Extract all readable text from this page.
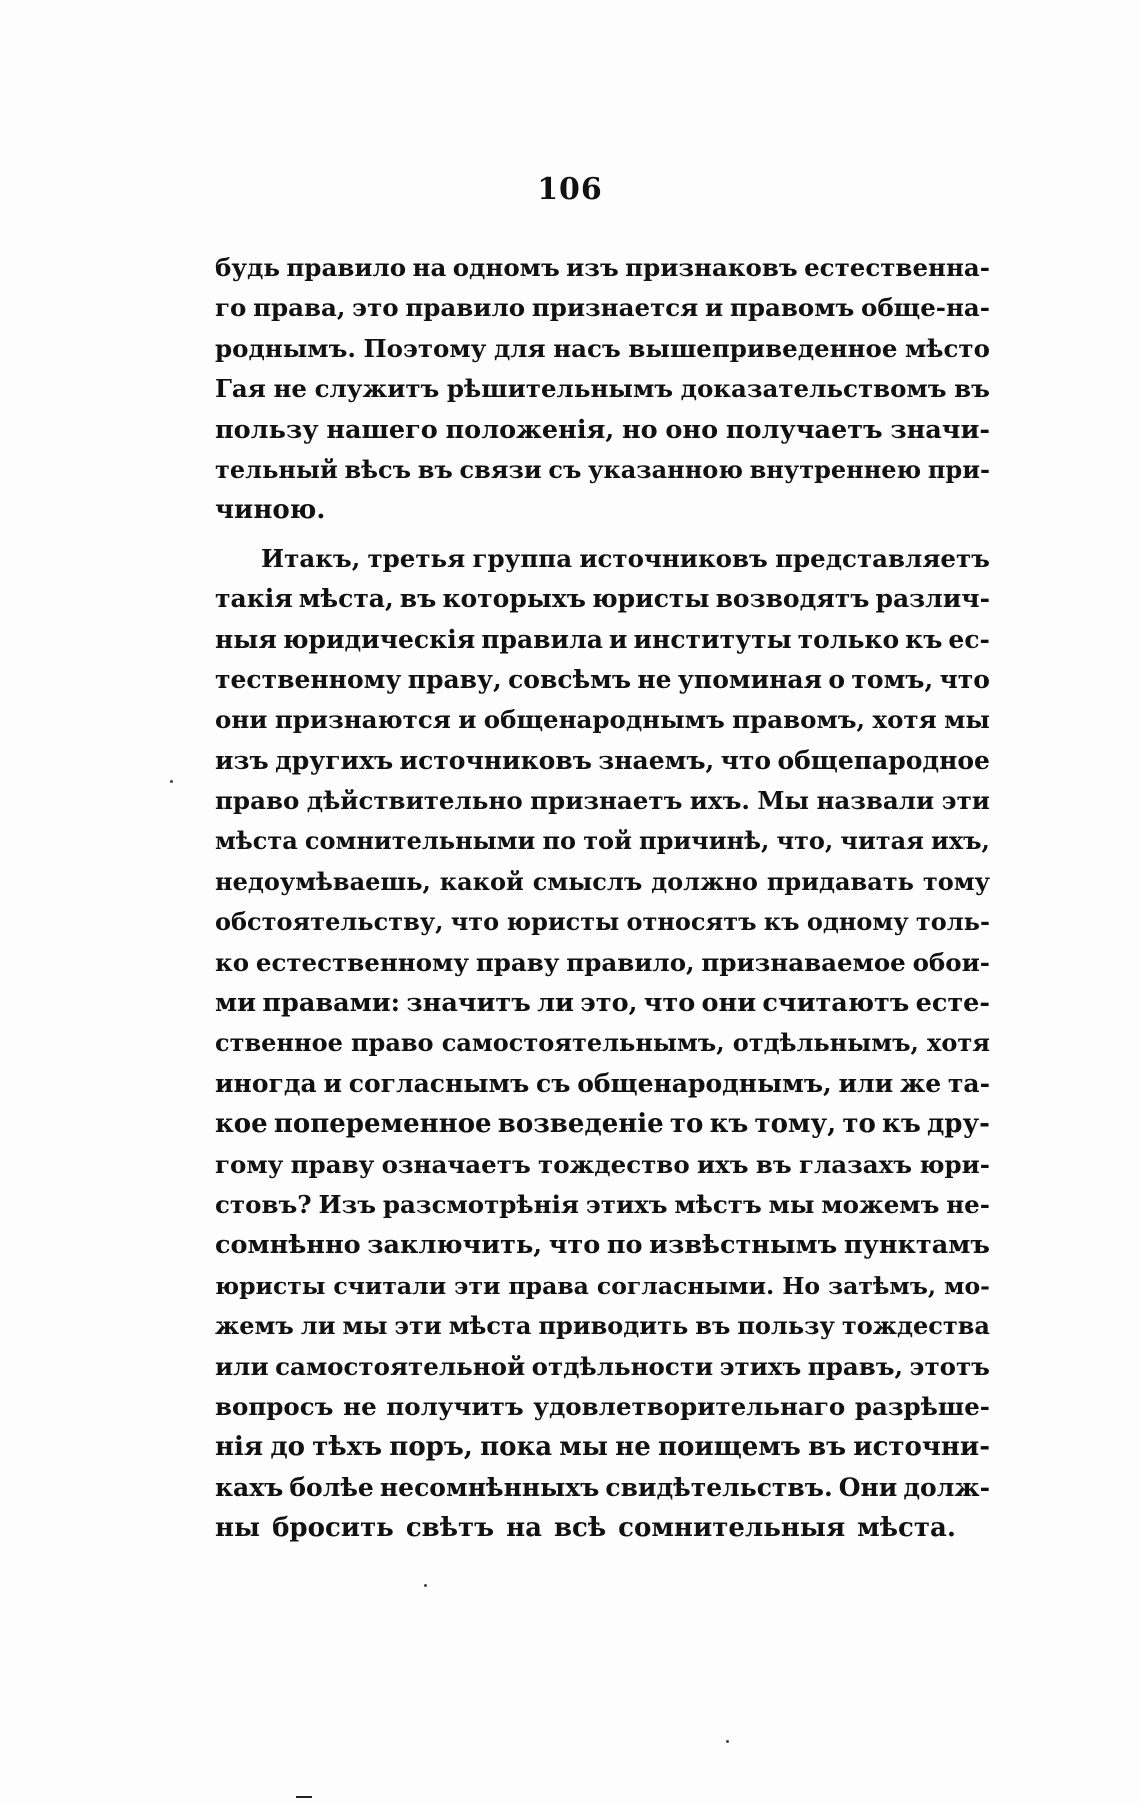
106
будь правило на одномъ изъ признаковъ естественна-
го права, это правило признается и правомъ обще-на-
роднымъ. Поэтому для насъ вышеприведенное мѣсто
Гая не служитъ рѣшительнымъ доказательствомъ въ
пользу нашего положенія, но оно получаетъ значи-
тельный вѣсъ въ связи съ указанною внутреннею при-
чиною.
Итакъ, третья группа источниковъ представляетъ
такія мѣста, въ которыхъ юристы возводятъ различ-
ныя юридическія правила и институты только къ ес-
тественному праву, совсѣмъ не упоминая о томъ, что
они признаются и общенароднымъ правомъ, хотя мы
изъ другихъ источниковъ знаемъ, что общепародное
право дѣйствительно признаетъ ихъ. Мы назвали эти
мѣста сомнительными по той причинѣ, что, читая ихъ,
недоумѣваешь, какой смыслъ должно придавать тому
обстоятельству, что юристы относятъ къ одному толь-
ко естественному праву правило, признаваемое обои-
ми правами: значитъ ли это, что они считаютъ есте-
ственное право самостоятельнымъ, отдѣльнымъ, хотя
иногда и согласнымъ съ общенароднымъ, или же та-
кое попеременное возведеніе то къ тому, то къ дру-
гому праву означаетъ тождество ихъ въ глазахъ юри-
стовъ? Изъ разсмотрѣнія этихъ мѣстъ мы можемъ не-
сомнѣнно заключить, что по извѣстнымъ пунктамъ
юристы считали эти права согласными. Но затѣмъ, мо-
жемъ ли мы эти мѣста приводить въ пользу тождества
или самостоятельной отдѣльности этихъ правъ, этотъ
вопросъ не получитъ удовлетворительнаго разрѣше-
нія до тѣхъ поръ, пока мы не поищемъ въ источни-
кахъ болѣе несомнѣнныхъ свидѣтельствъ. Они долж-
ны бросить свѣтъ на всѣ сомнительныя мѣста.
